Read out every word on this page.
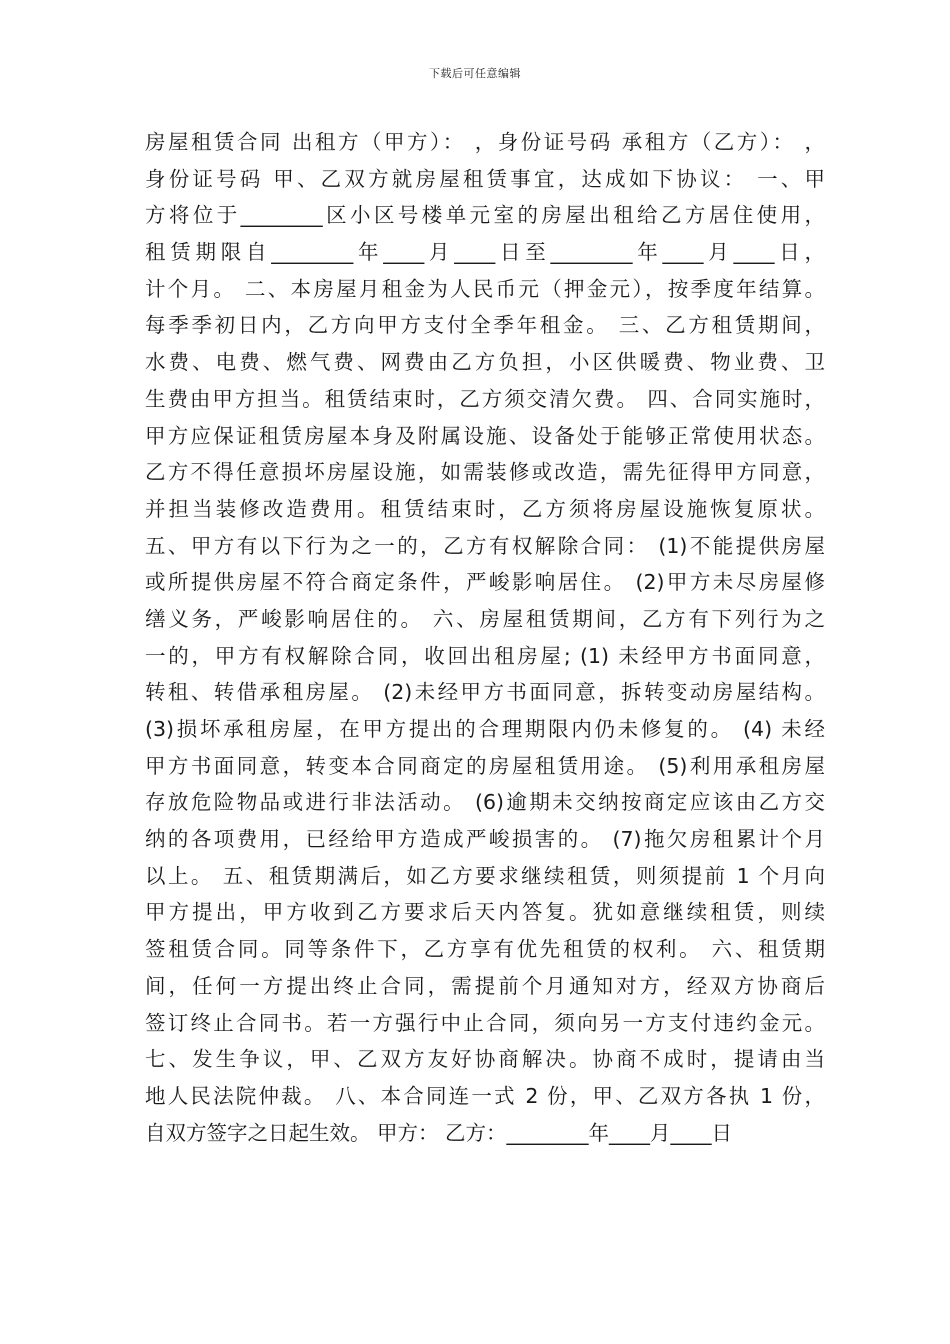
下载后可任意编辑
房屋租赁合同 出租方（甲方）： ，身份证号码 承租方（乙方）： ，
身份证号码 甲、乙双方就房屋租赁事宜，达成如下协议： 一、甲
方将位于________区小区号楼单元室的房屋出租给乙方居住使用，
租赁期限自________年____月____日至________年____月____日，
计个月。 二、本房屋月租金为人民币元（押金元），按季度年结算。
每季季初日内，乙方向甲方支付全季年租金。 三、乙方租赁期间，
水费、电费、燃气费、网费由乙方负担，小区供暖费、物业费、卫
生费由甲方担当。租赁结束时，乙方须交清欠费。 四、合同实施时，
甲方应保证租赁房屋本身及附属设施、设备处于能够正常使用状态。
乙方不得任意损坏房屋设施，如需装修或改造，需先征得甲方同意，
并担当装修改造费用。租赁结束时，乙方须将房屋设施恢复原状。
五、甲方有以下行为之一的，乙方有权解除合同： (1)不能提供房屋
或所提供房屋不符合商定条件，严峻影响居住。 (2)甲方未尽房屋修
缮义务，严峻影响居住的。 六、房屋租赁期间，乙方有下列行为之
一的，甲方有权解除合同，收回出租房屋; (1) 未经甲方书面同意，
转租、转借承租房屋。 (2)未经甲方书面同意，拆转变动房屋结构。
(3)损坏承租房屋，在甲方提出的合理期限内仍未修复的。 (4) 未经
甲方书面同意，转变本合同商定的房屋租赁用途。 (5)利用承租房屋
存放危险物品或进行非法活动。 (6)逾期未交纳按商定应该由乙方交
纳的各项费用，已经给甲方造成严峻损害的。 (7)拖欠房租累计个月
以上。 五、租赁期满后，如乙方要求继续租赁，则须提前 1 个月向
甲方提出，甲方收到乙方要求后天内答复。犹如意继续租赁，则续
签租赁合同。同等条件下，乙方享有优先租赁的权利。 六、租赁期
间，任何一方提出终止合同，需提前个月通知对方，经双方协商后
签订终止合同书。若一方强行中止合同，须向另一方支付违约金元。
七、发生争议，甲、乙双方友好协商解决。协商不成时，提请由当
地人民法院仲裁。 八、本合同连一式 2 份，甲、乙双方各执 1 份，
自双方签字之日起生效。 甲方： 乙方：________年____月____日
